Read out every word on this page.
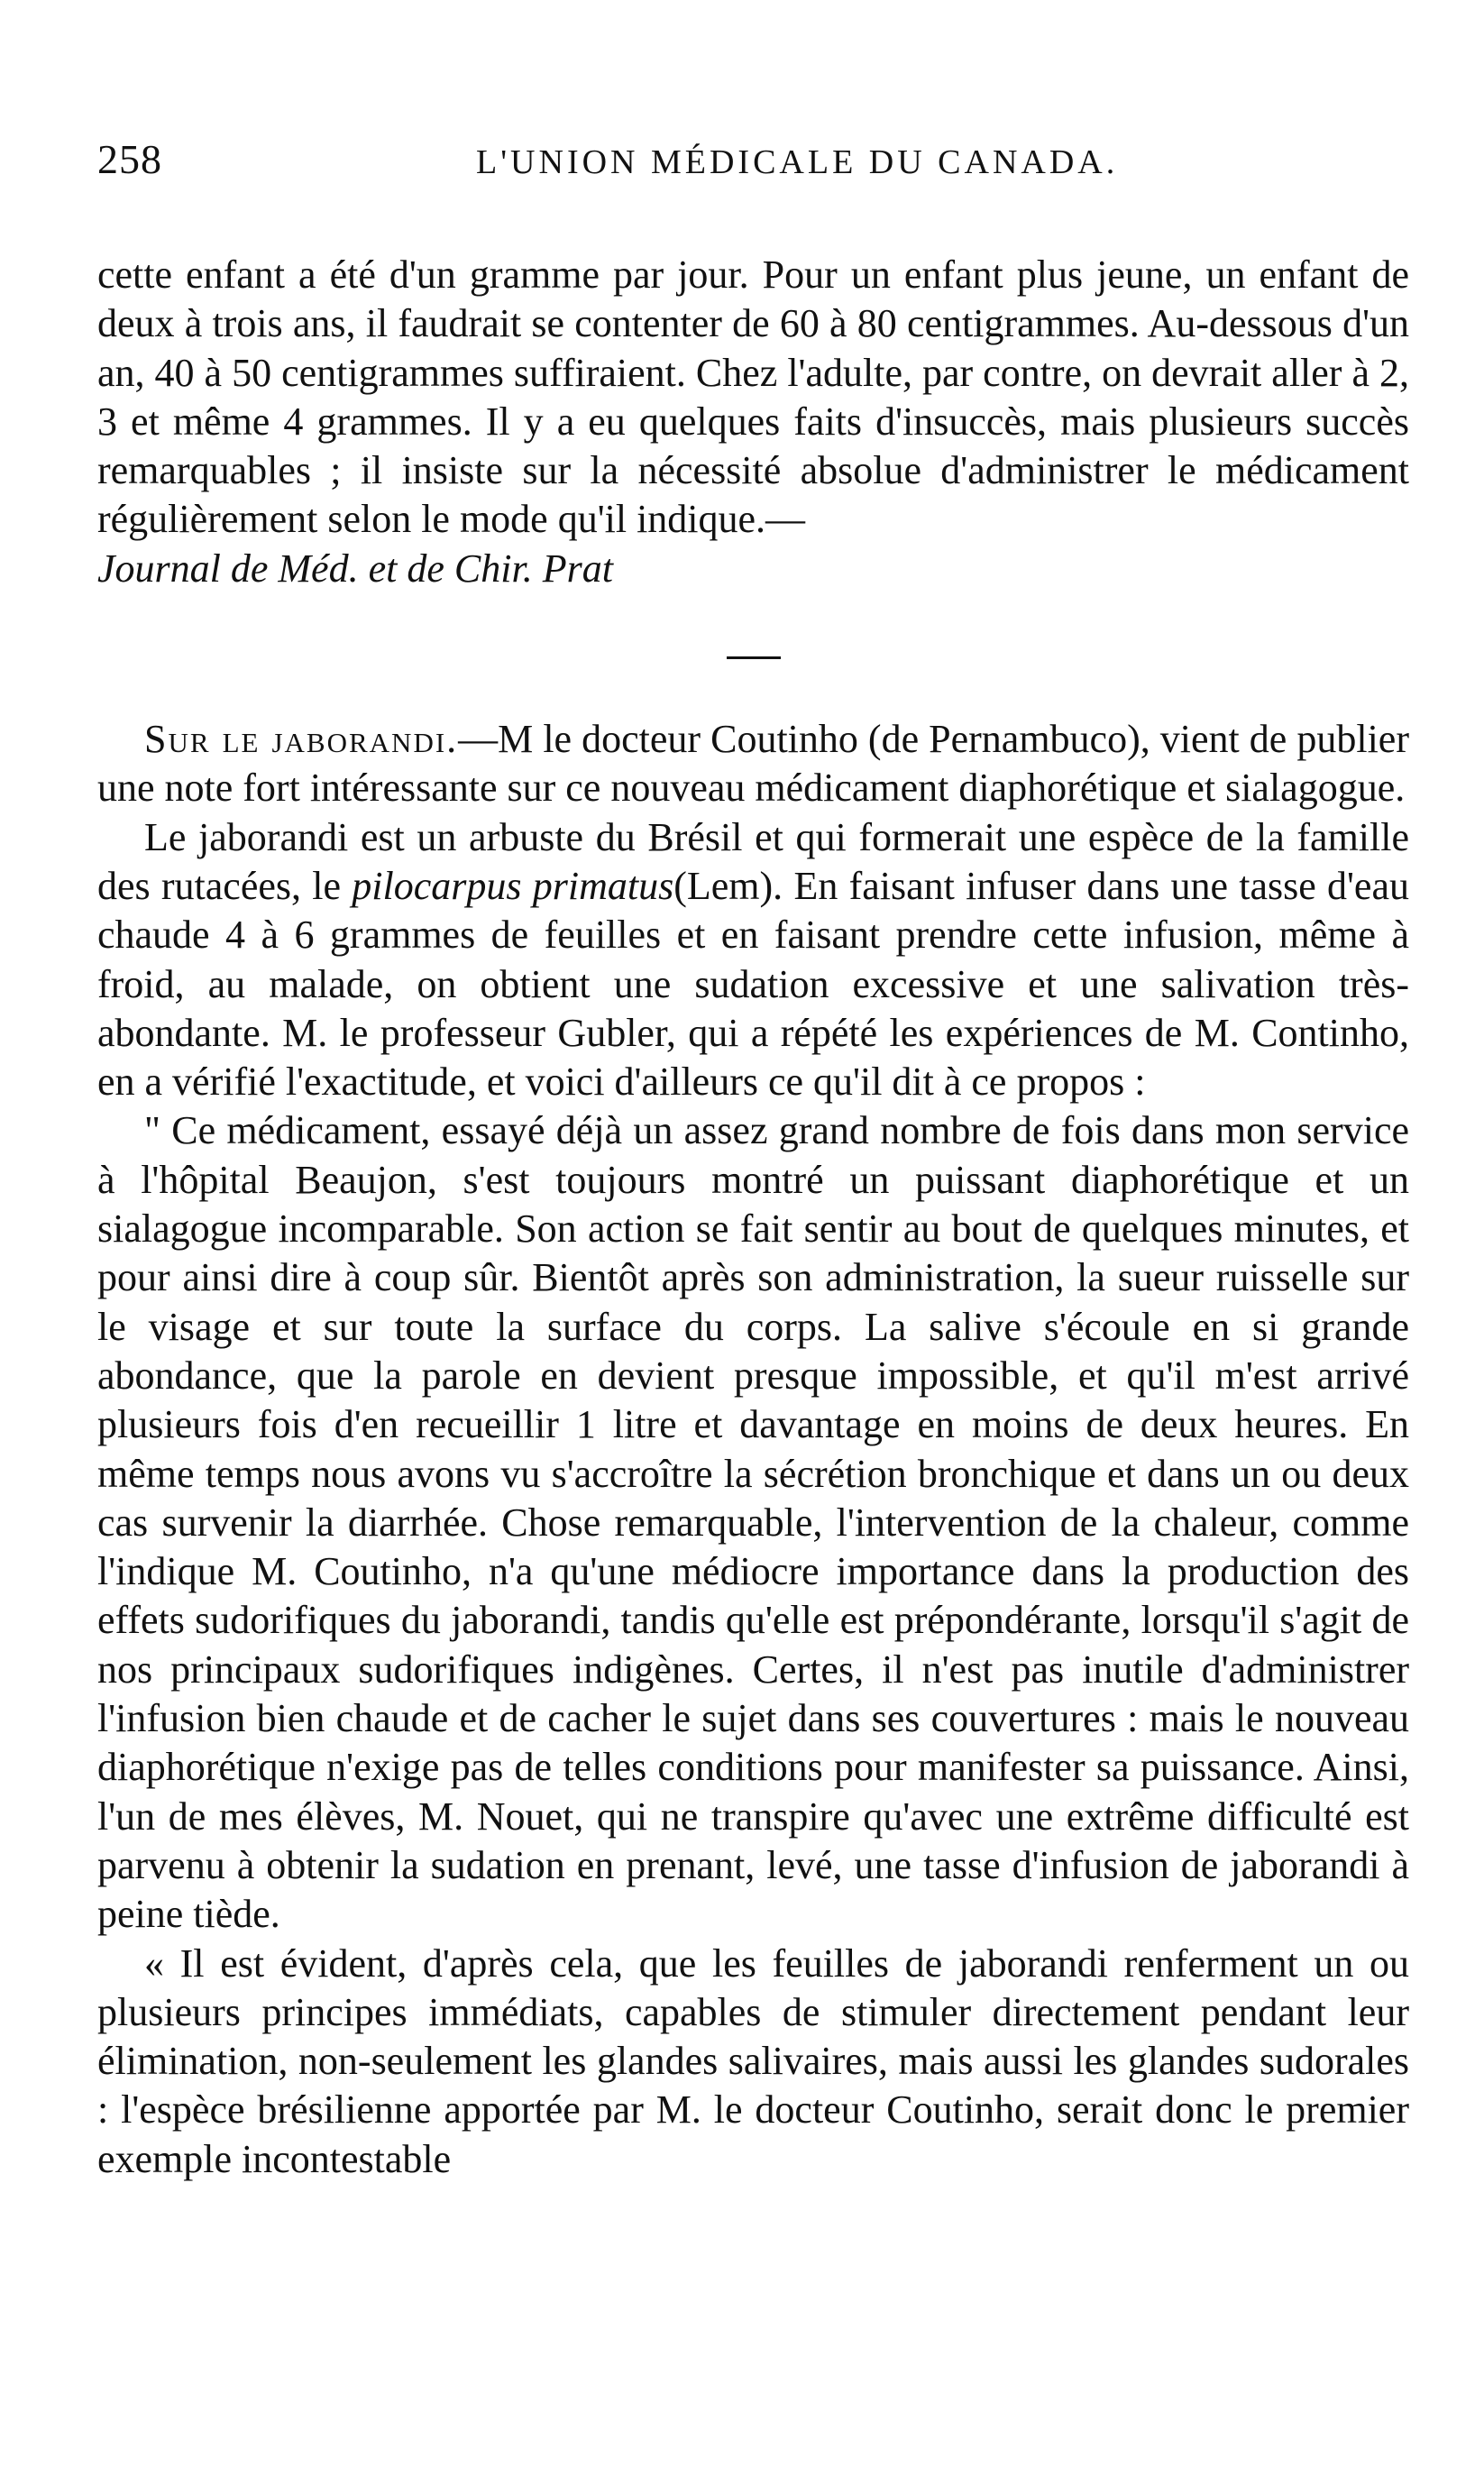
258	L'UNION MÉDICALE DU CANADA.

cette enfant a été d'un gramme par jour. Pour un enfant plus jeune, un enfant de deux à trois ans, il faudrait se contenter de 60 à 80 centigrammes. Au-dessous d'un an, 40 à 50 centigrammes suffiraient. Chez l'adulte, par contre, on devrait aller à 2, 3 et même 4 grammes. Il y a eu quelques faits d'insuccès, mais plusieurs succès remarquables ; il insiste sur la nécessité absolue d'administrer le médicament régulièrement selon le mode qu'il indique.—
Journal de Méd. et de Chir. Prat

Sur le jaborandi.—M le docteur Coutinho (de Pernambuco), vient de publier une note fort intéressante sur ce nouveau médicament diaphorétique et sialagogue.

Le jaborandi est un arbuste du Brésil et qui formerait une espèce de la famille des rutacées, le pilocarpus primatus(Lem). En faisant infuser dans une tasse d'eau chaude 4 à 6 grammes de feuilles et en faisant prendre cette infusion, même à froid, au malade, on obtient une sudation excessive et une salivation très-abondante. M. le professeur Gubler, qui a répété les expériences de M. Continho, en a vérifié l'exactitude, et voici d'ailleurs ce qu'il dit à ce propos :

" Ce médicament, essayé déjà un assez grand nombre de fois dans mon service à l'hôpital Beaujon, s'est toujours montré un puissant diaphorétique et un sialagogue incomparable. Son action se fait sentir au bout de quelques minutes, et pour ainsi dire à coup sûr. Bientôt après son administration, la sueur ruisselle sur le visage et sur toute la surface du corps. La salive s'écoule en si grande abondance, que la parole en devient presque impossible, et qu'il m'est arrivé plusieurs fois d'en recueillir 1 litre et davantage en moins de deux heures. En même temps nous avons vu s'accroître la sécrétion bronchique et dans un ou deux cas survenir la diarrhée. Chose remarquable, l'intervention de la chaleur, comme l'indique M. Coutinho, n'a qu'une médiocre importance dans la production des effets sudorifiques du jaborandi, tandis qu'elle est prépondérante, lorsqu'il s'agit de nos principaux sudorifiques indigènes. Certes, il n'est pas inutile d'administrer l'infusion bien chaude et de cacher le sujet dans ses couvertures : mais le nouveau diaphorétique n'exige pas de telles conditions pour manifester sa puissance. Ainsi, l'un de mes élèves, M. Nouet, qui ne transpire qu'avec une extrême difficulté est parvenu à obtenir la sudation en prenant, levé, une tasse d'infusion de jaborandi à peine tiède.

« Il est évident, d'après cela, que les feuilles de jaborandi renferment un ou plusieurs principes immédiats, capables de stimuler directement pendant leur élimination, non-seulement les glandes salivaires, mais aussi les glandes sudorales : l'espèce brésilienne apportée par M. le docteur Coutinho, serait donc le premier exemple incontestable
